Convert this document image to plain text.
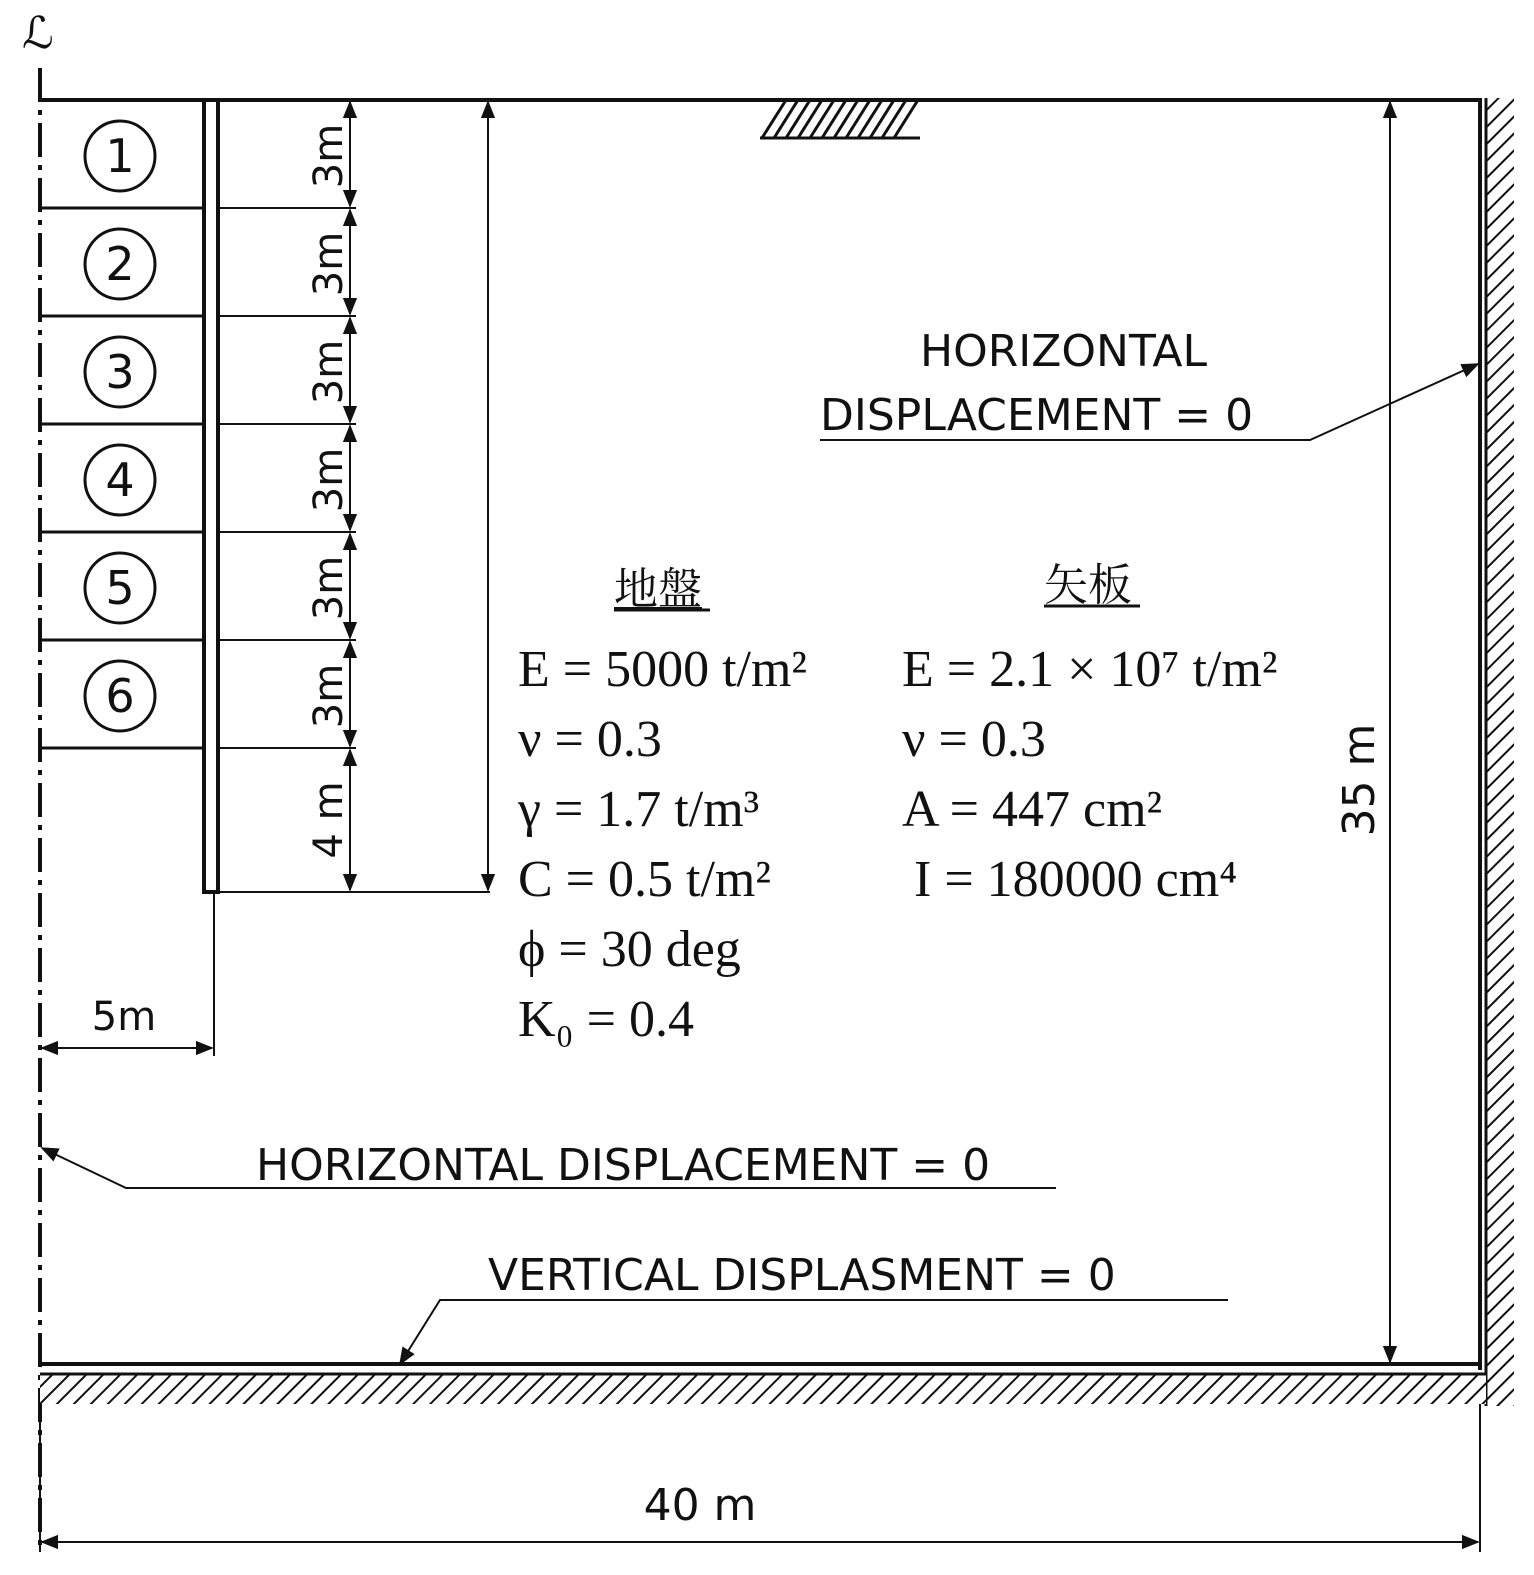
ℒ
1
2
3
4
5
6
3m
3m
3m
3m
3m
3m
4 m
5m
35 m
40 m
HORIZONTAL
DISPLACEMENT = 0
HORIZONTAL DISPLACEMENT = 0
VERTICAL DISPLASMENT = 0
地盤
E = 5000 t/m²
ν = 0.3
γ = 1.7 t/m³
C = 0.5 t/m²
ϕ = 30 deg
K₀ = 0.4
矢板
E = 2.1 × 10⁷ t/m²
ν = 0.3
A = 447 cm²
I = 180000 cm⁴
